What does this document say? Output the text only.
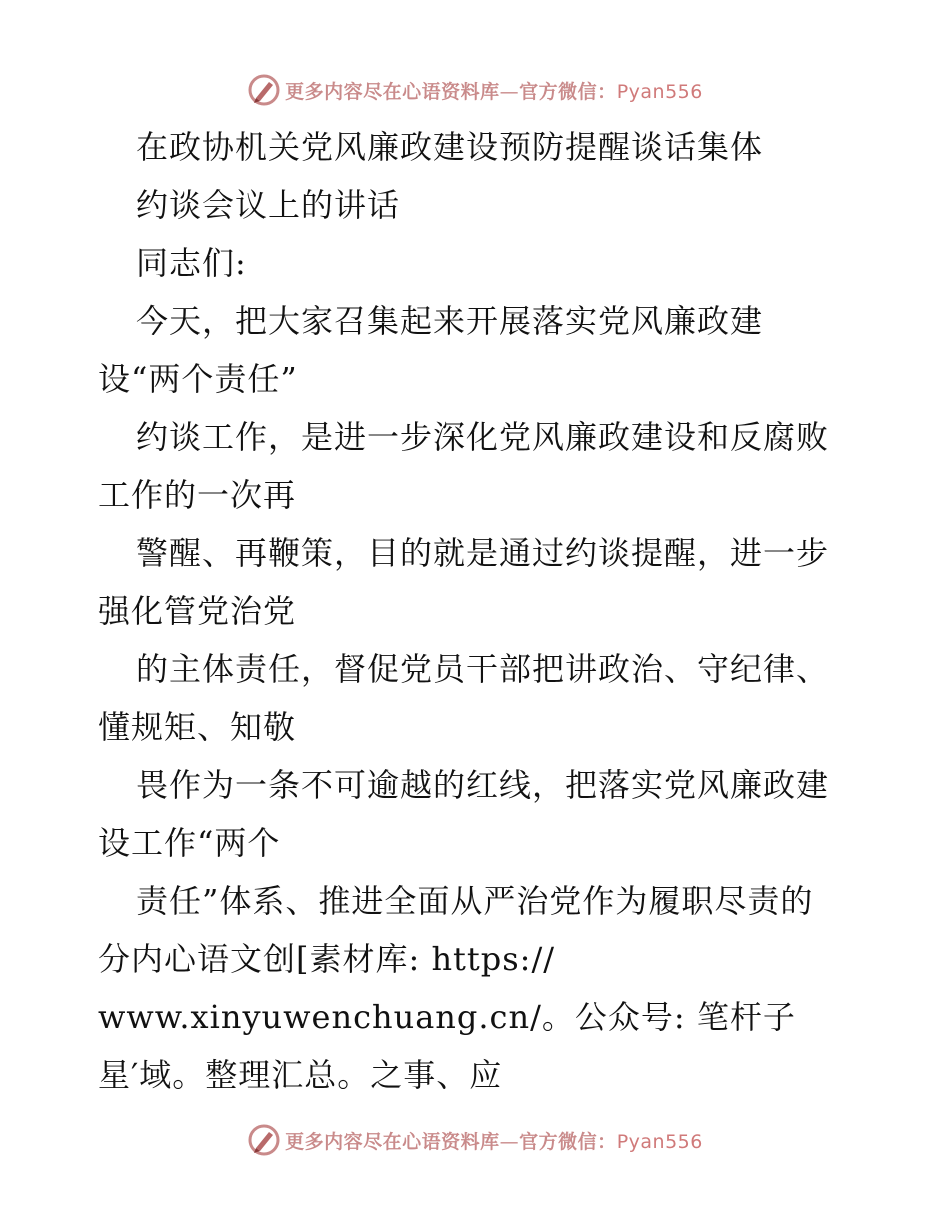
更多内容尽在心语资料库—官方微信：Pyan556
在政协机关党风廉政建设预防提醒谈话集体
约谈会议上的讲话
同志们:
今天，把大家召集起来开展落实党风廉政建
设“两个责任”
约谈工作，是进一步深化党风廉政建设和反腐败
工作的一次再
警醒、再鞭策，目的就是通过约谈提醒，进一步
强化管党治党
的主体责任，督促党员干部把讲政治、守纪律、
懂规矩、知敬
畏作为一条不可逾越的红线，把落实党风廉政建
设工作“两个
责任”体系、推进全面从严治党作为履职尽责的
分内心语文创[素材库: https://
www.xinyuwenchuang.cn/。公众号: 笔杆子
星′域。整理汇总。之事、应
更多内容尽在心语资料库—官方微信：Pyan556
